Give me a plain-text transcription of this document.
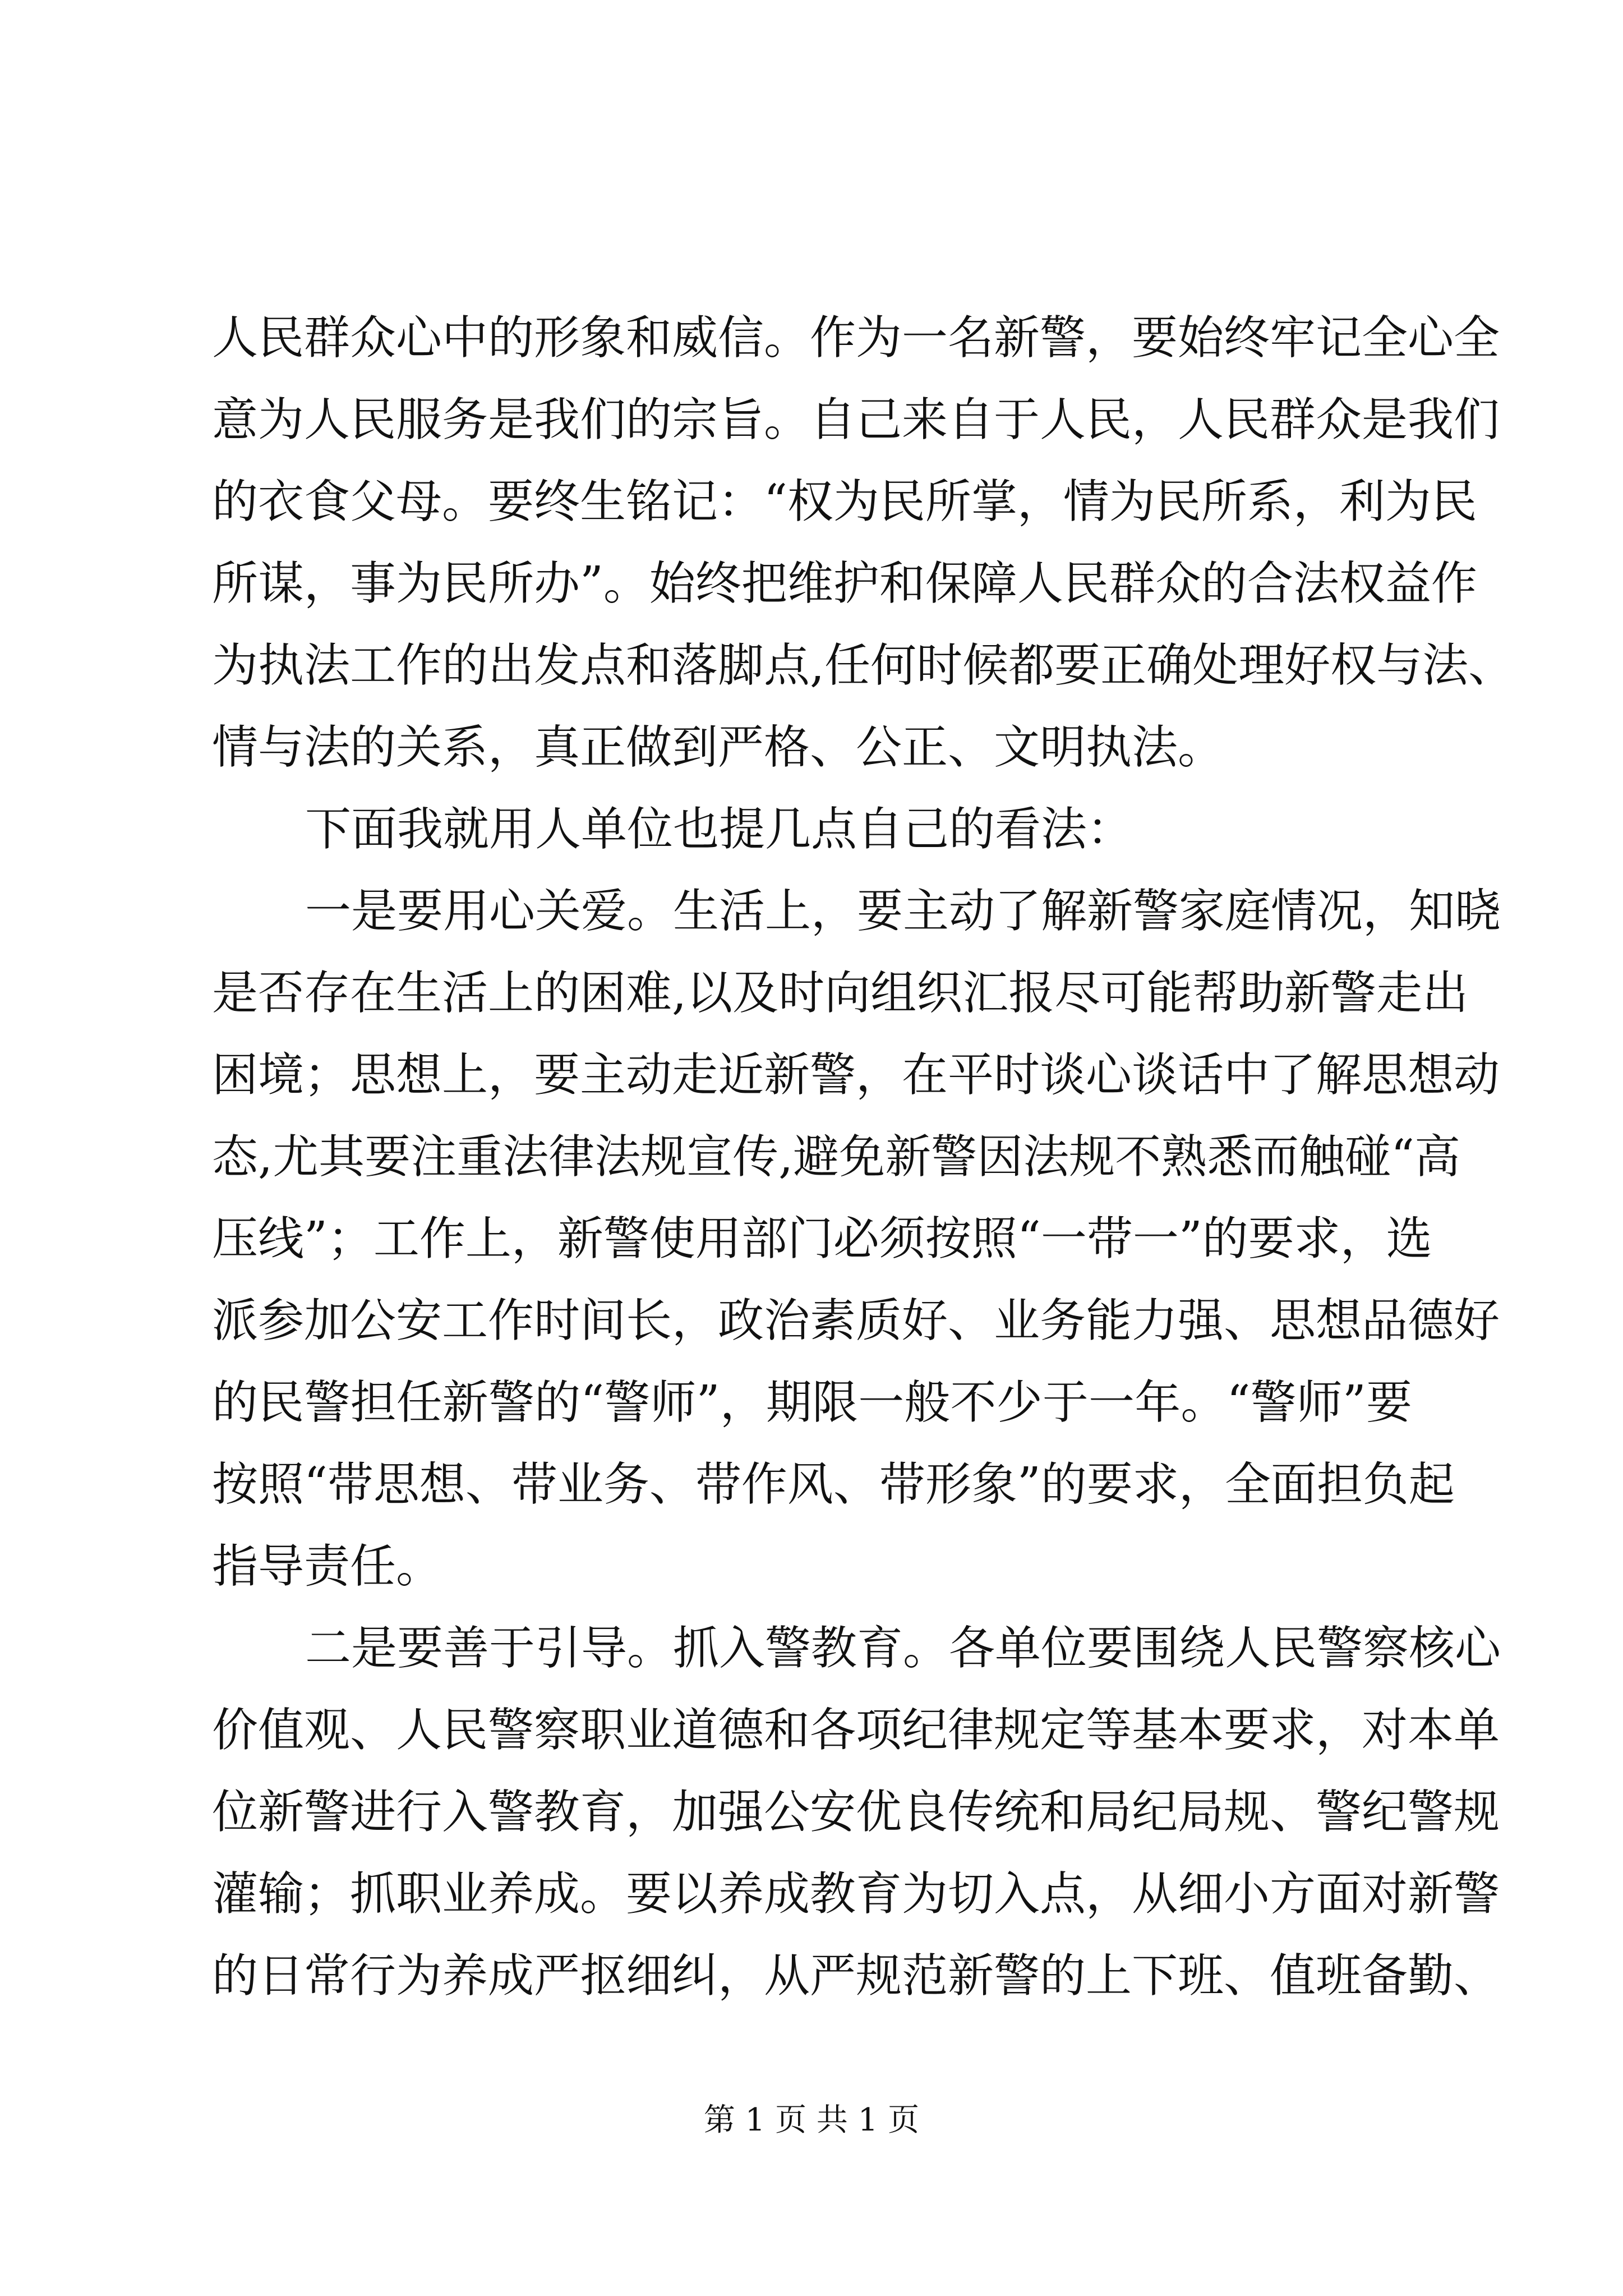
人民群众心中的形象和威信。作为一名新警，要始终牢记全心全
意为人民服务是我们的宗旨。自己来自于人民，人民群众是我们
的衣食父母。要终生铭记：“权为民所掌，情为民所系，利为民
所谋，事为民所办”。始终把维护和保障人民群众的合法权益作
为执法工作的出发点和落脚点,任何时候都要正确处理好权与法、
情与法的关系，真正做到严格、公正、文明执法。
下面我就用人单位也提几点自己的看法：
一是要用心关爱。生活上，要主动了解新警家庭情况，知晓
是否存在生活上的困难,以及时向组织汇报尽可能帮助新警走出
困境；思想上，要主动走近新警，在平时谈心谈话中了解思想动
态,尤其要注重法律法规宣传,避免新警因法规不熟悉而触碰“高
压线”；工作上，新警使用部门必须按照“一带一”的要求，选
派参加公安工作时间长，政治素质好、业务能力强、思想品德好
的民警担任新警的“警师”，期限一般不少于一年。“警师”要
按照“带思想、带业务、带作风、带形象”的要求，全面担负起
指导责任。
二是要善于引导。抓入警教育。各单位要围绕人民警察核心
价值观、人民警察职业道德和各项纪律规定等基本要求，对本单
位新警进行入警教育，加强公安优良传统和局纪局规、警纪警规
灌输；抓职业养成。要以养成教育为切入点，从细小方面对新警
的日常行为养成严抠细纠，从严规范新警的上下班、值班备勤、
第 1 页 共 1 页
